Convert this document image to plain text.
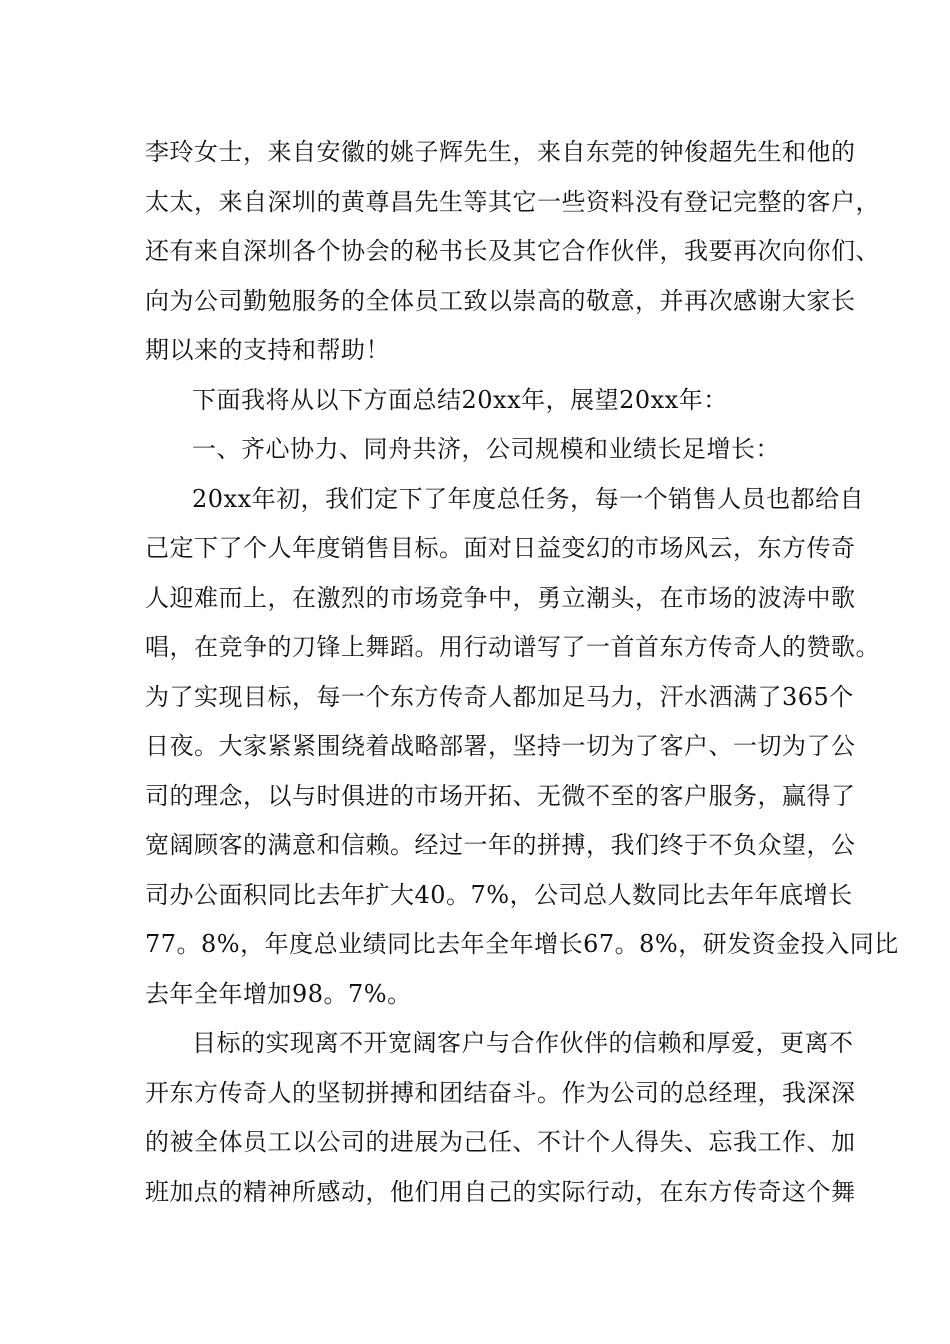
李玲女士，来自安徽的姚子辉先生，来自东莞的钟俊超先生和他的
太太，来自深圳的黄尊昌先生等其它一些资料没有登记完整的客户，
还有来自深圳各个协会的秘书长及其它合作伙伴，我要再次向你们、
向为公司勤勉服务的全体员工致以崇高的敬意，并再次感谢大家长
期以来的支持和帮助！
下面我将从以下方面总结20xx年，展望20xx年：
一、齐心协力、同舟共济，公司规模和业绩长足增长：
20xx年初，我们定下了年度总任务，每一个销售人员也都给自
己定下了个人年度销售目标。面对日益变幻的市场风云，东方传奇
人迎难而上，在激烈的市场竞争中，勇立潮头，在市场的波涛中歌
唱，在竞争的刀锋上舞蹈。用行动谱写了一首首东方传奇人的赞歌。
为了实现目标，每一个东方传奇人都加足马力，汗水洒满了365个
日夜。大家紧紧围绕着战略部署，坚持一切为了客户、一切为了公
司的理念，以与时俱进的市场开拓、无微不至的客户服务，赢得了
宽阔顾客的满意和信赖。经过一年的拼搏，我们终于不负众望，公
司办公面积同比去年扩大40。7%，公司总人数同比去年年底增长
77。8%，年度总业绩同比去年全年增长67。8%，研发资金投入同比
去年全年增加98。7%。
目标的实现离不开宽阔客户与合作伙伴的信赖和厚爱，更离不
开东方传奇人的坚韧拼搏和团结奋斗。作为公司的总经理，我深深
的被全体员工以公司的进展为己任、不计个人得失、忘我工作、加
班加点的精神所感动，他们用自己的实际行动，在东方传奇这个舞
